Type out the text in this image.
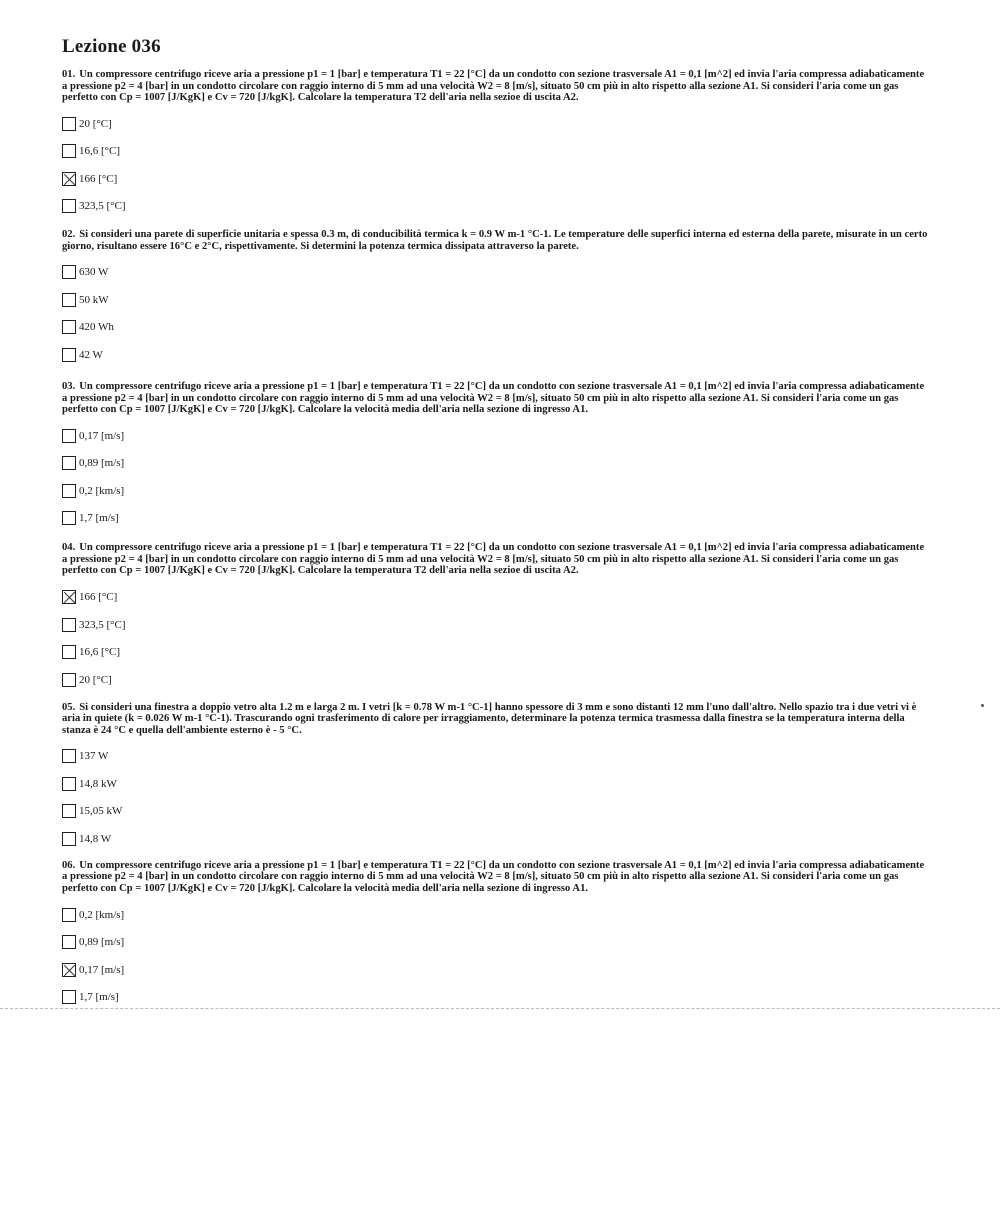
Lezione 036

01. Un compressore centrifugo riceve aria a pressione p1 = 1 [bar] e temperatura T1 = 22 [°C] da un condotto con sezione trasversale A1 = 0,1 [m^2] ed invia l'aria compressa adiabaticamente a pressione p2 = 4 [bar] in un condotto circolare con raggio interno di 5 mm ad una velocità W2 = 8 [m/s], situato 50 cm più in alto rispetto alla sezione A1. Si consideri l'aria come un gas perfetto con Cp = 1007 [J/KgK] e Cv = 720 [J/kgK]. Calcolare la temperatura T2 dell'aria nella sezioe di uscita A2.

20 [°C]
16,6 [°C]
166 [°C]
323,5 [°C]

02. Si consideri una parete di superficie unitaria e spessa 0.3 m, di conducibilità termica k = 0.9 W m-1 °C-1. Le temperature delle superfici interna ed esterna della parete, misurate in un certo giorno, risultano essere 16°C e 2°C, rispettivamente. Si determini la potenza termica dissipata attraverso la parete.

630 W
50 kW
420 Wh
42 W

03. Un compressore centrifugo riceve aria a pressione p1 = 1 [bar] e temperatura T1 = 22 [°C] da un condotto con sezione trasversale A1 = 0,1 [m^2] ed invia l'aria compressa adiabaticamente a pressione p2 = 4 [bar] in un condotto circolare con raggio interno di 5 mm ad una velocità W2 = 8 [m/s], situato 50 cm più in alto rispetto alla sezione A1. Si consideri l'aria come un gas perfetto con Cp = 1007 [J/KgK] e Cv = 720 [J/kgK]. Calcolare la velocità media dell'aria nella sezione di ingresso A1.

0,17 [m/s]
0,89 [m/s]
0,2 [km/s]
1,7 [m/s]

04. Un compressore centrifugo riceve aria a pressione p1 = 1 [bar] e temperatura T1 = 22 [°C] da un condotto con sezione trasversale A1 = 0,1 [m^2] ed invia l'aria compressa adiabaticamente a pressione p2 = 4 [bar] in un condotto circolare con raggio interno di 5 mm ad una velocità W2 = 8 [m/s], situato 50 cm più in alto rispetto alla sezione A1. Si consideri l'aria come un gas perfetto con Cp = 1007 [J/KgK] e Cv = 720 [J/kgK]. Calcolare la temperatura T2 dell'aria nella sezioe di uscita A2.

166 [°C]
323,5 [°C]
16,6 [°C]
20 [°C]

05. Si consideri una finestra a doppio vetro alta 1.2 m e larga 2 m. I vetri [k = 0.78 W m-1 °C-1] hanno spessore di 3 mm e sono distanti 12 mm l'uno dall'altro. Nello spazio tra i due vetri vi è aria in quiete (k = 0.026 W m-1 °C-1). Trascurando ogni trasferimento di calore per irraggiamento, determinare la potenza termica trasmessa dalla finestra se la temperatura interna della stanza è 24 °C e quella dell'ambiente esterno è - 5 °C.

137 W
14,8 kW
15,05 kW
14,8 W

06. Un compressore centrifugo riceve aria a pressione p1 = 1 [bar] e temperatura T1 = 22 [°C] da un condotto con sezione trasversale A1 = 0,1 [m^2] ed invia l'aria compressa adiabaticamente a pressione p2 = 4 [bar] in un condotto circolare con raggio interno di 5 mm ad una velocità W2 = 8 [m/s], situato 50 cm più in alto rispetto alla sezione A1. Si consideri l'aria come un gas perfetto con Cp = 1007 [J/KgK] e Cv = 720 [J/kgK]. Calcolare la velocità media dell'aria nella sezione di ingresso A1.

0,2 [km/s]
0,89 [m/s]
0,17 [m/s]
1,7 [m/s]
